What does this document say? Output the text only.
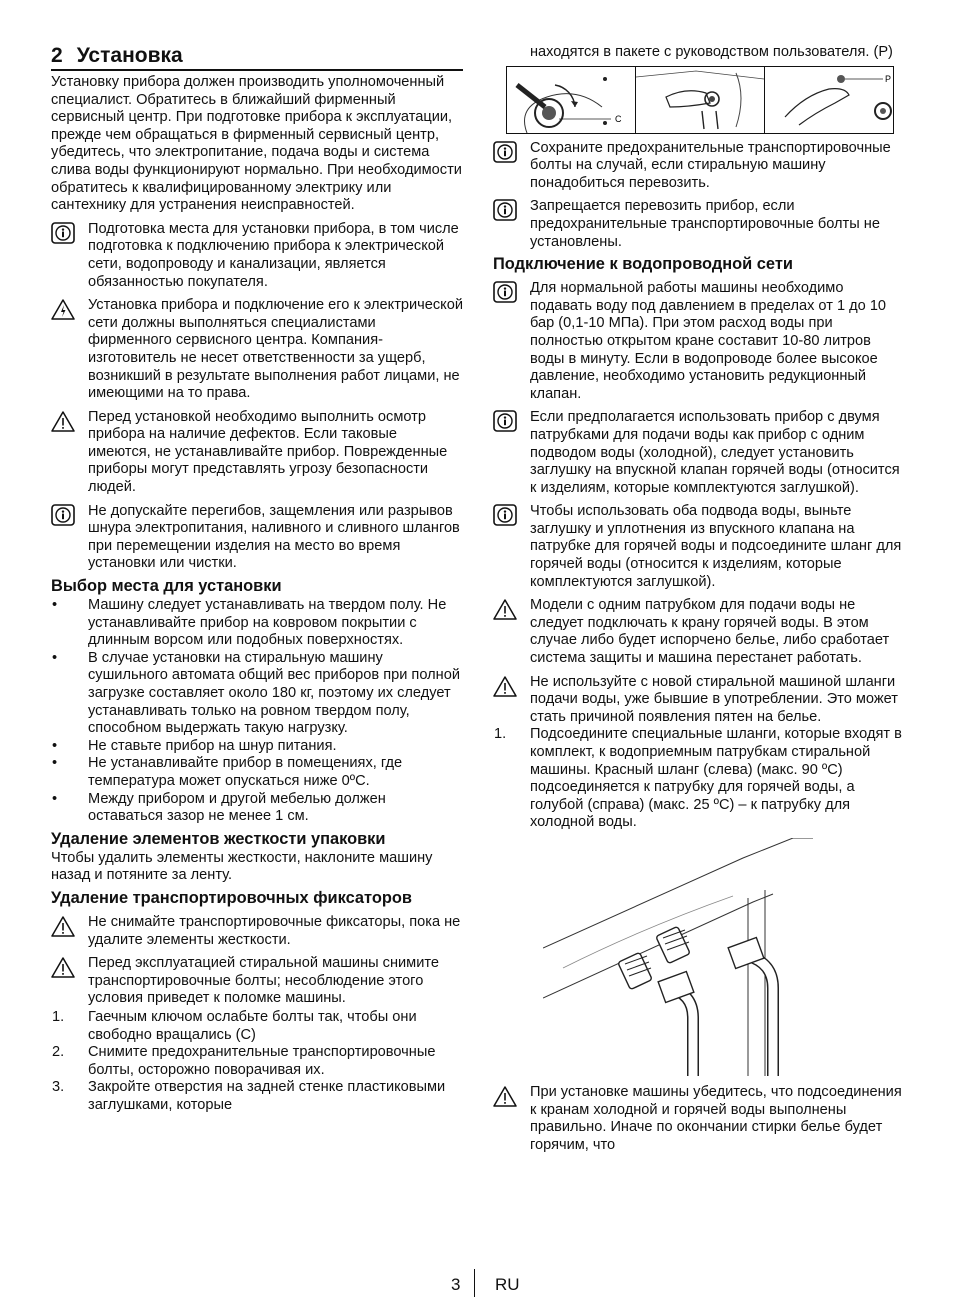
2 Установка

Установку прибора должен производить уполномоченный специалист. Обратитесь в ближайший фирменный сервисный центр. При подготовке прибора к эксплуатации, прежде чем обращаться в фирменный сервисный центр, убедитесь, что электропитание, подача воды и система слива воды функционируют нормально. При необходимости обратитесь к квалифицированному электрику или сантехнику для устранения неисправностей.

Подготовка места для установки прибора, в том числе подготовка к подключению прибора к электрической сети, водопроводу и канализации, является обязанностью покупателя.
Установка прибора и подключение его к электрической сети должны выполняться специалистами фирменного сервисного центра. Компания-изготовитель не несет ответственности за ущерб, возникший в результате выполнения работ лицами, не имеющими на то права.
Перед установкой необходимо выполнить осмотр прибора на наличие дефектов. Если таковые имеются, не устанавливайте прибор. Поврежденные приборы могут представлять угрозу безопасности людей.
Не допускайте перегибов, защемления или разрывов шнура электропитания, наливного и сливного шлангов при перемещении изделия на место во время установки или чистки.
Выбор места для установки
• Машину следует устанавливать на твердом полу. Не устанавливайте прибор на ковровом покрытии с длинным ворсом или подобных поверхностях.
• В случае установки на стиральную машину сушильного автомата общий вес приборов при полной загрузке составляет около 180 кг, поэтому их следует устанавливать только на ровном твердом полу, способном выдержать такую нагрузку.
• Не ставьте прибор на шнур питания.
• Не устанавливайте прибор в помещениях, где температура может опускаться ниже 0ºC.
• Между прибором и другой мебелью должен оставаться зазор не менее 1 см.
Удаление элементов жесткости упаковки

Чтобы удалить элементы жесткости, наклоните машину назад и потяните за ленту.

Удаление транспортировочных фиксаторов
Не снимайте транспортировочные фиксаторы, пока не удалите элементы жесткости.
Перед эксплуатацией стиральной машины снимите транспортировочные болты; несоблюдение этого условия приведет к поломке машины.
1. Гаечным ключом ослабьте болты так, чтобы они свободно вращались (C)
2. Снимите предохранительные транспортировочные болты, осторожно поворачивая их.
3. Закройте отверстия на задней стенке пластиковыми заглушками, которые
находятся в пакете с руководством пользователя. (P)
C
P
Сохраните предохранительные транспортировочные болты на случай, если стиральную машину понадобиться перевозить.
Запрещается перевозить прибор, если предохранительные транспортировочные болты не установлены.
Подключение к водопроводной сети
Для нормальной работы машины необходимо подавать воду под давлением в пределах от 1 до 10 бар (0,1-10 МПа). При этом расход воды при полностью открытом кране составит 10-80 литров воды в минуту. Если в водопроводе более высокое давление, необходимо установить редукционный клапан.
Если предполагается использовать прибор с двумя патрубками для подачи воды как прибор с одним подводом воды (холодной), следует установить заглушку на впускной клапан горячей воды (относится к изделиям, которые комплектуются заглушкой).
Чтобы использовать оба подвода воды, выньте заглушку и уплотнения из впускного клапана на патрубке для горячей воды и подсоедините шланг для горячей воды (относится к изделиям, которые комплектуются заглушкой).
Модели с одним патрубком для подачи воды не следует подключать к крану горячей воды. В этом случае либо будет испорчено белье, либо сработает система защиты и машина перестанет работать.
Не используйте с новой стиральной машиной шланги подачи воды, уже бывшие в употреблении. Это может стать причиной появления пятен на белье.
1. Подсоедините специальные шланги, которые входят в комплект, к водоприемным патрубкам стиральной машины. Красный шланг (слева) (макс. 90 ºC) подсоединяется к патрубку для горячей воды, а голубой (справа) (макс. 25 ºC) – к патрубку для холодной воды.
При установке машины убедитесь, что подсоединения к кранам холодной и горячей воды выполнены правильно. Иначе по окончании стирки белье будет горячим, что
3 RU
